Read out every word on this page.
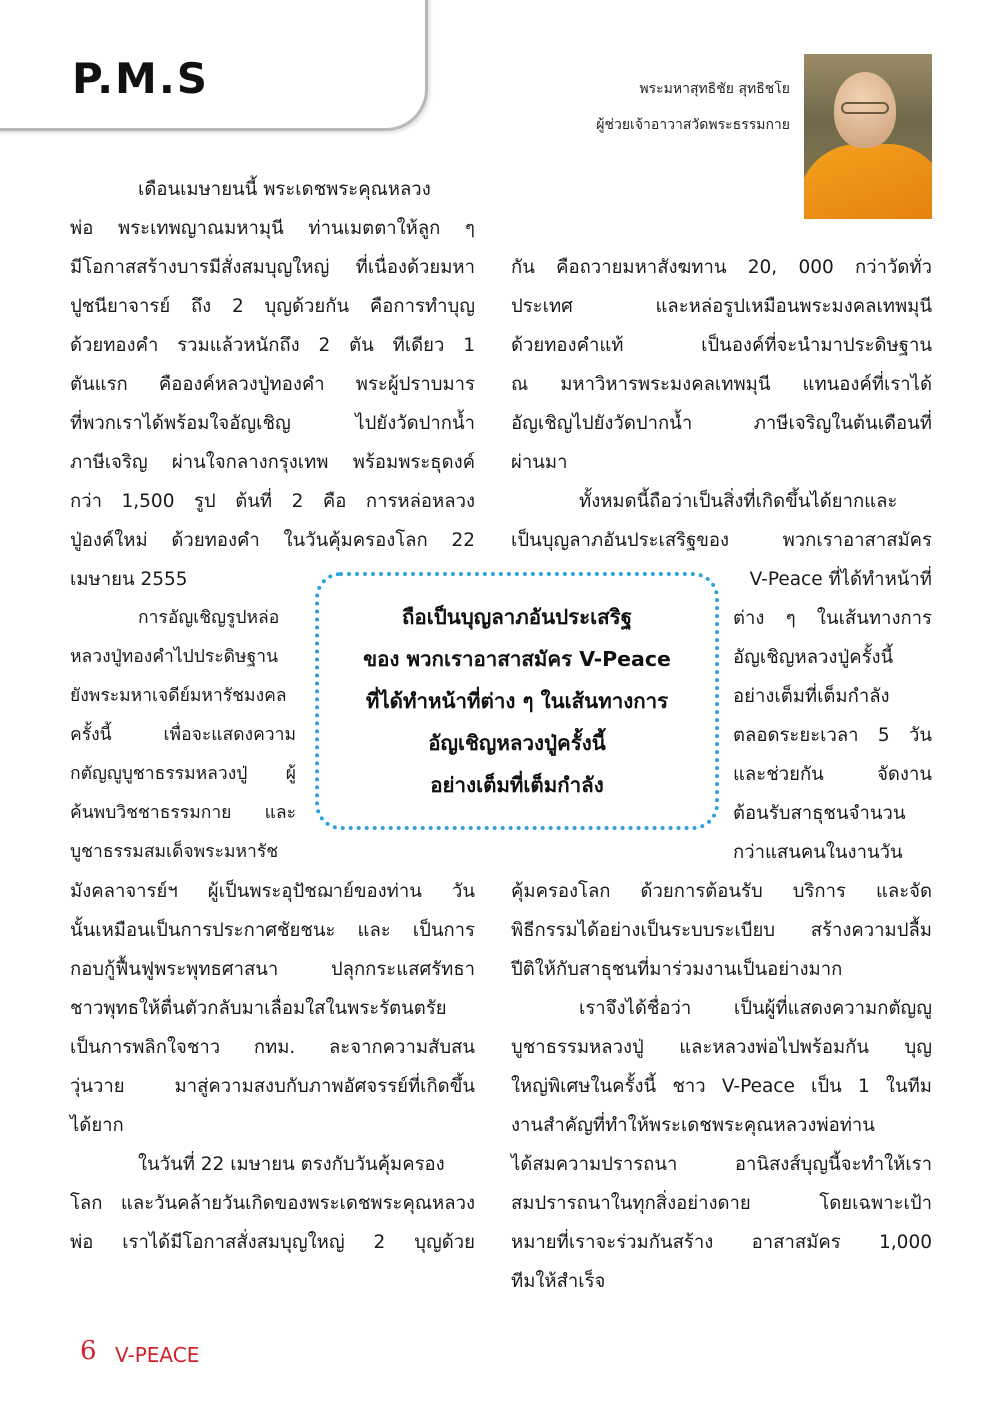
P.M.S	พระมหาสุทธิชัย สุทธิชโย

ผู้ช่วยเจ้าอาวาสวัดพระธรรมกาย

เดือนเมษายนนี้ พระเดชพระคุณหลวง
พ่อ พระเทพญาณมหามุนี ท่านเมตตาให้ลูก ๆ
มีโอกาสสร้างบารมีสั่งสมบุญใหญ่ ที่เนื่องด้วยมหา
ปูชนียาจารย์ ถึง 2 บุญด้วยกัน คือการทำบุญ
ด้วยทองคำ รวมแล้วหนักถึง 2 ตัน ทีเดียว 1
ตันแรก คือองค์หลวงปู่ทองคำ พระผู้ปราบมาร
ที่พวกเราได้พร้อมใจอัญเชิญ ไปยังวัดปากน้ำ
ภาษีเจริญ ผ่านใจกลางกรุงเทพ พร้อมพระธุดงค์
กว่า 1,500 รูป ต้นที่ 2 คือ การหล่อหลวง
ปู่องค์ใหม่ ด้วยทองคำ ในวันคุ้มครองโลก 22
เมษายน 2555
การอัญเชิญรูปหล่อ
หลวงปู่ทองคำไปประดิษฐาน
ยังพระมหาเจดีย์มหารัชมงคล
ครั้งนี้ เพื่อจะแสดงความ
กตัญญูบูชาธรรมหลวงปู่ ผู้
ค้นพบวิชชาธรรมกาย และ
บูชาธรรมสมเด็จพระมหารัช
มังคลาจารย์ฯ ผู้เป็นพระอุปัชฌาย์ของท่าน วัน
นั้นเหมือนเป็นการประกาศชัยชนะ และ เป็นการ
กอบกู้ฟื้นฟูพระพุทธศาสนา ปลุกกระแสศรัทธา
ชาวพุทธให้ตื่นตัวกลับมาเลื่อมใสในพระรัตนตรัย
เป็นการพลิกใจชาว กทม. ละจากความสับสน
วุ่นวาย มาสู่ความสงบกับภาพอัศจรรย์ที่เกิดขึ้น
ได้ยาก
ในวันที่ 22 เมษายน ตรงกับวันคุ้มครอง
โลก และวันคล้ายวันเกิดของพระเดชพระคุณหลวง
พ่อ เราได้มีโอกาสสั่งสมบุญใหญ่ 2 บุญด้วย
กัน คือถวายมหาสังฆทาน 20, 000 กว่าวัดทั่ว
ประเทศ และหล่อรูปเหมือนพระมงคลเทพมุนี
ด้วยทองคำแท้ เป็นองค์ที่จะนำมาประดิษฐาน
ณ มหาวิหารพระมงคลเทพมุนี แทนองค์ที่เราได้
อัญเชิญไปยังวัดปากน้ำ ภาษีเจริญในต้นเดือนที่
ผ่านมา
ทั้งหมดนี้ถือว่าเป็นสิ่งที่เกิดขึ้นได้ยากและ
เป็นบุญลาภอันประเสริฐของ พวกเราอาสาสมัคร
V-Peace ที่ได้ทำหน้าที่
ต่าง ๆ ในเส้นทางการ
อัญเชิญหลวงปู่ครั้งนี้
อย่างเต็มที่เต็มกำลัง
ตลอดระยะเวลา 5 วัน
และช่วยกัน จัดงาน
ต้อนรับสาธุชนจำนวน
กว่าแสนคนในงานวัน
คุ้มครองโลก ด้วยการต้อนรับ บริการ และจัด
พิธีกรรมได้อย่างเป็นระบบระเบียบ สร้างความปลื้ม
ปีติให้กับสาธุชนที่มาร่วมงานเป็นอย่างมาก
เราจึงได้ชื่อว่า เป็นผู้ที่แสดงความกตัญญู
บูชาธรรมหลวงปู่ และหลวงพ่อไปพร้อมกัน บุญ
ใหญ่พิเศษในครั้งนี้ ชาว V-Peace เป็น 1 ในทีม
งานสำคัญที่ทำให้พระเดชพระคุณหลวงพ่อท่าน
ได้สมความปรารถนา อานิสงส์บุญนี้จะทำให้เรา
สมปรารถนาในทุกสิ่งอย่างดาย โดยเฉพาะเป้า
หมายที่เราจะร่วมกันสร้าง อาสาสมัคร 1,000
ทีมให้สำเร็จ
ถือเป็นบุญลาภอันประเสริฐ
ของ พวกเราอาสาสมัคร V-Peace
ที่ได้ทำหน้าที่ต่าง ๆ ในเส้นทางการ
อัญเชิญหลวงปู่ครั้งนี้
อย่างเต็มที่เต็มกำลัง
6 V-PEACE
